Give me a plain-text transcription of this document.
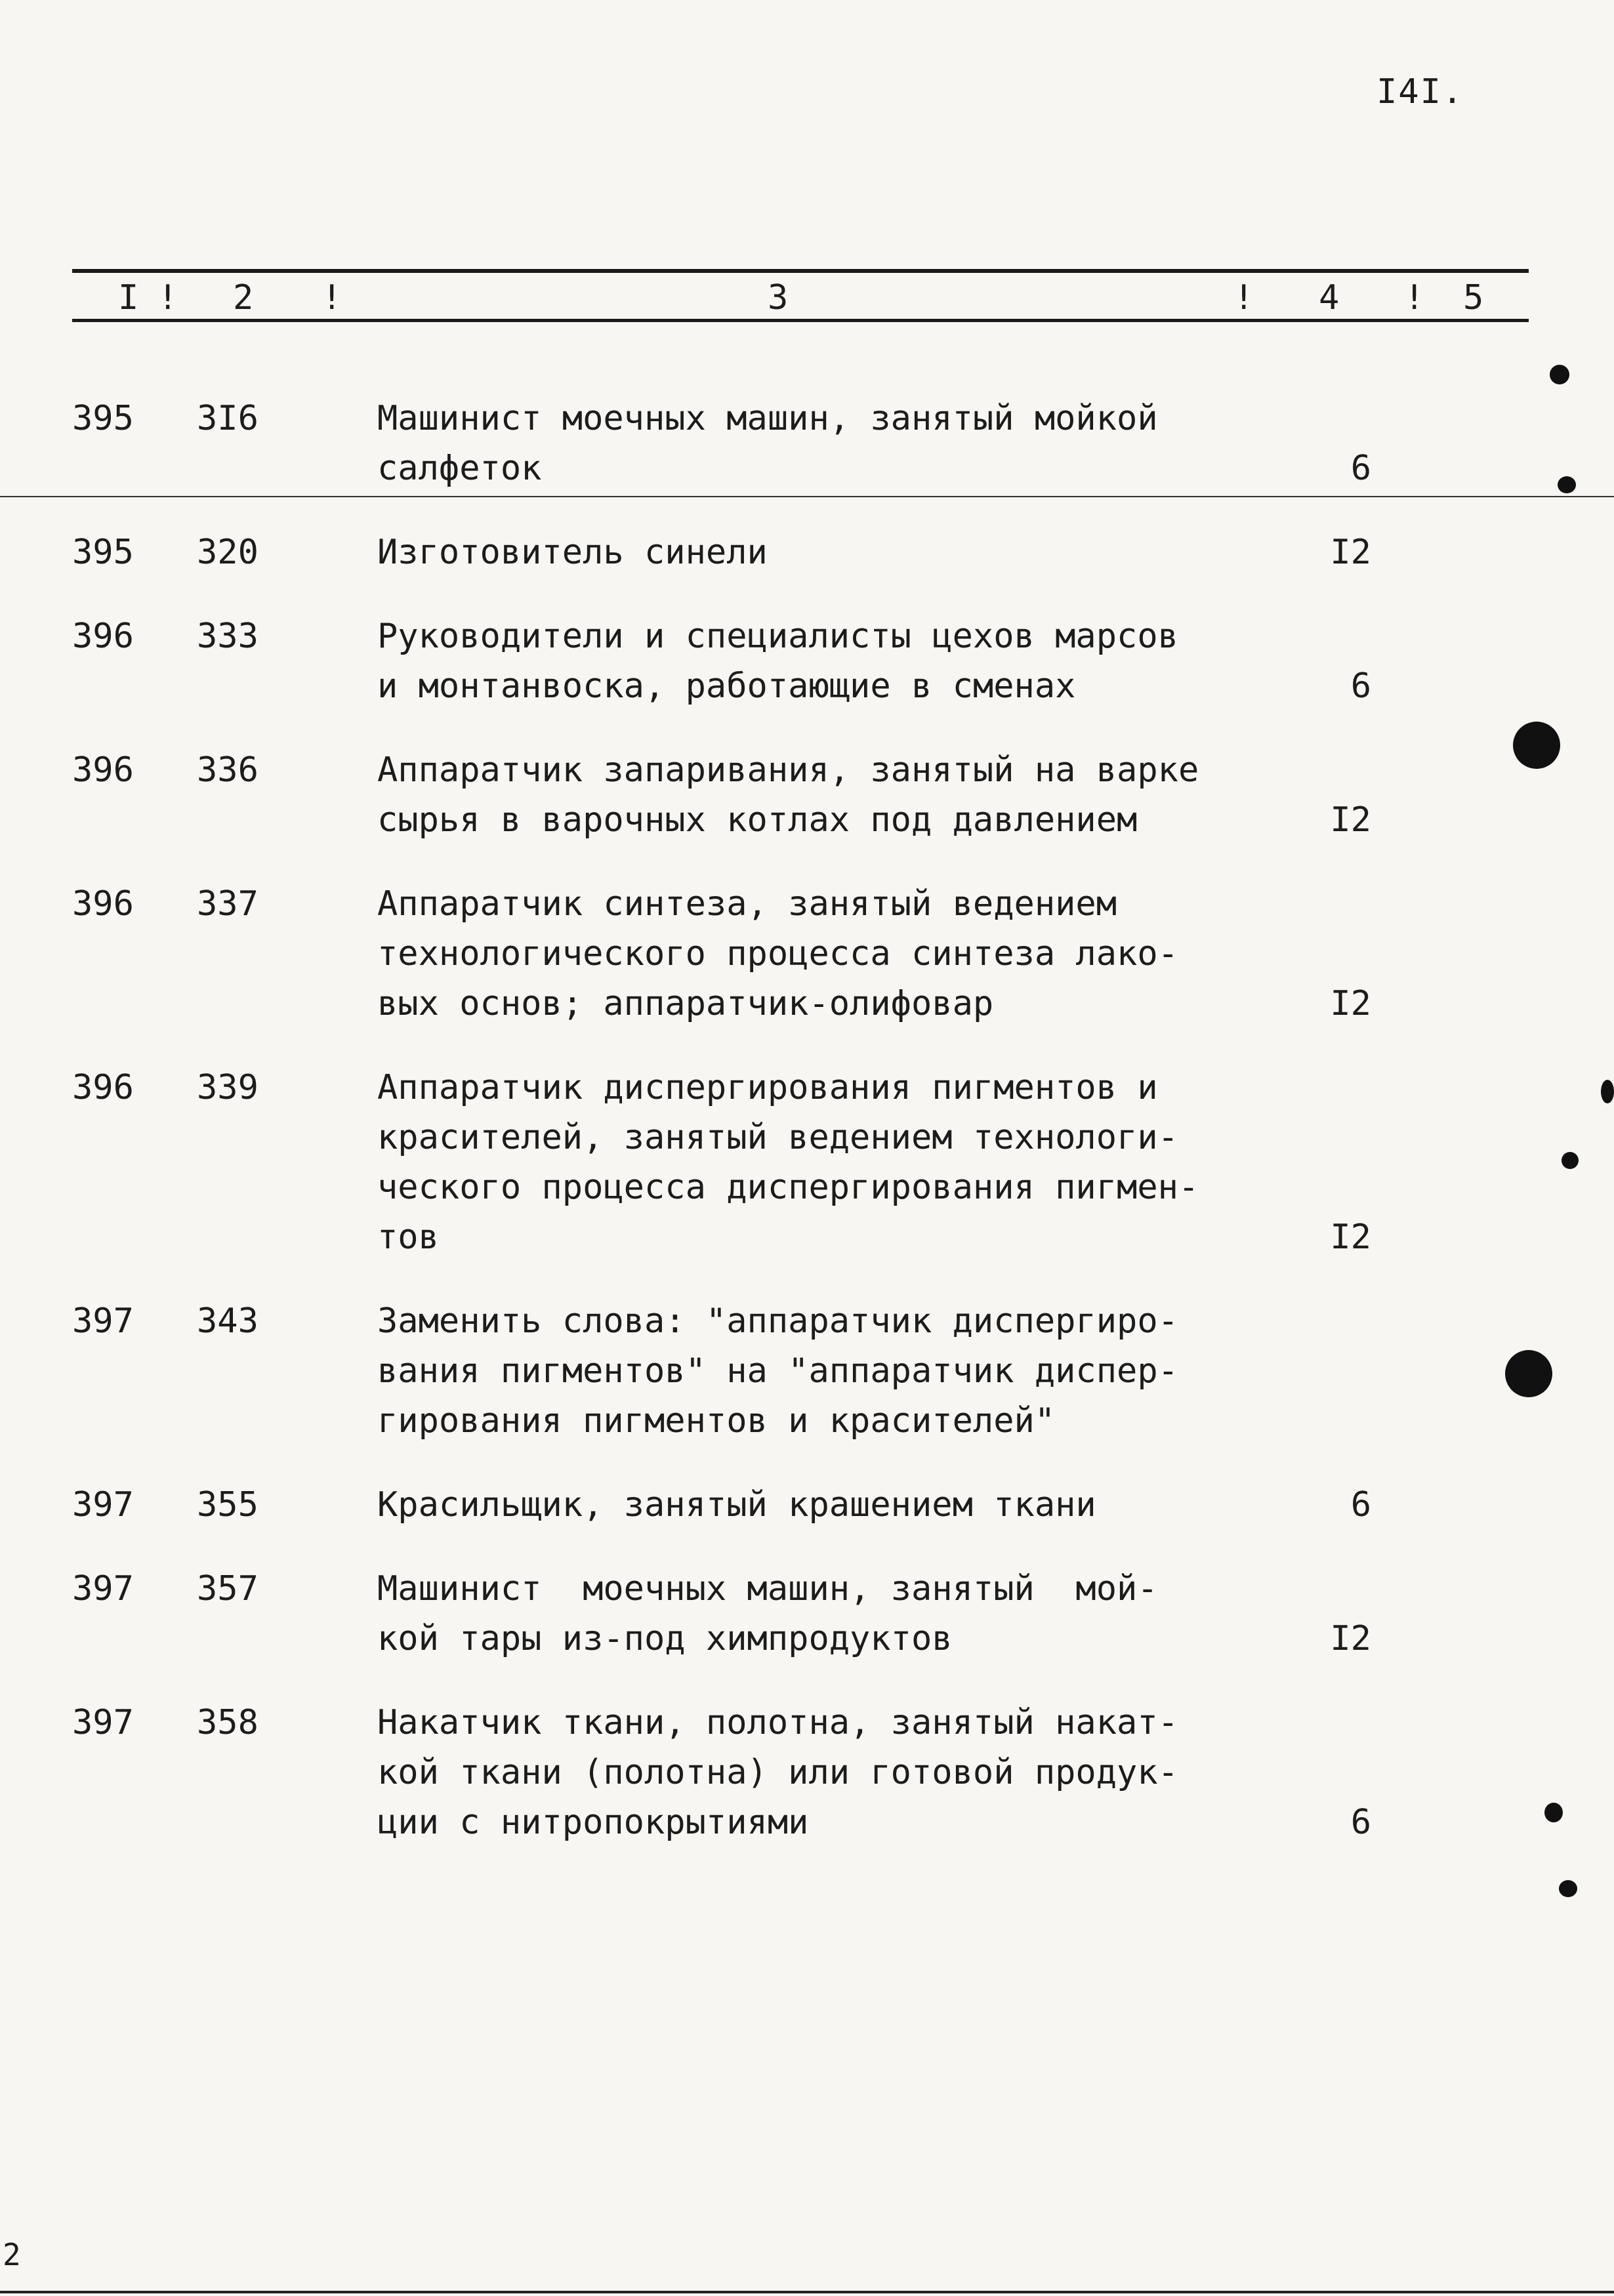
I4I.
I ! 2 !	3	! 4 ! 5
395 3I6	Машинист моечных машин, занятый мойкой
салфеток	6
395 320	Изготовитель синели	I2
396 333	Руководители и специалисты цехов марсов
и монтанвоска, работающие в сменах	6
396 336	Аппаратчик запаривания, занятый на варке
сырья в варочных котлах под давлением	I2
396 337	Аппаратчик синтеза, занятый ведением
технологического процесса синтеза лако-
вых основ; аппаратчик-олифовар	I2
396 339	Аппаратчик диспергирования пигментов и
красителей, занятый ведением технологи-
ческого процесса диспергирования пигмен-
тов	I2
397 343	Заменить слова: "аппаратчик диспергиро-
вания пигментов" на "аппаратчик диспер-
гирования пигментов и красителей"
397 355	Красильщик, занятый крашением ткани	6
397 357	Машинист  моечных машин, занятый  мой-
кой тары из-под химпродуктов	I2
397 358	Накатчик ткани, полотна, занятый накат-
кой ткани (полотна) или готовой продук-
ции с нитропокрытиями	6
2
